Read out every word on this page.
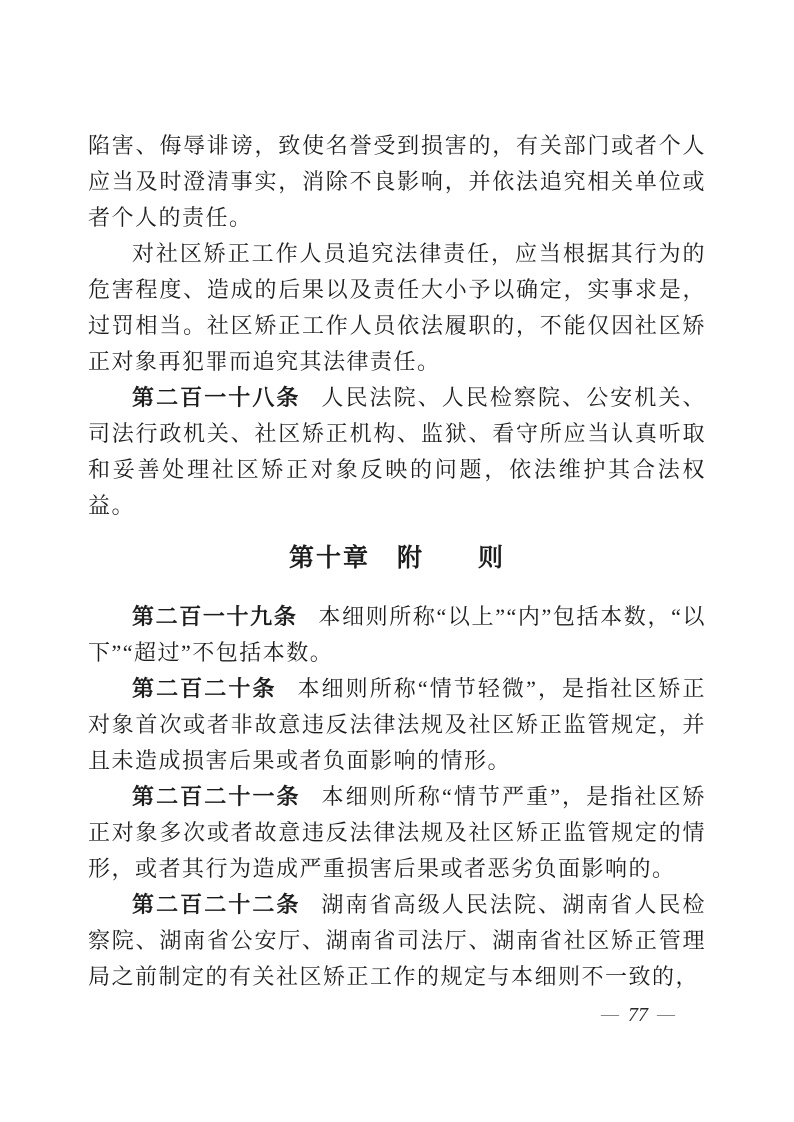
陷害、侮辱诽谤，致使名誉受到损害的，有关部门或者个人应当及时澄清事实，消除不良影响，并依法追究相关单位或者个人的责任。

对社区矫正工作人员追究法律责任，应当根据其行为的危害程度、造成的后果以及责任大小予以确定，实事求是，过罚相当。社区矫正工作人员依法履职的，不能仅因社区矫正对象再犯罪而追究其法律责任。

第二百一十八条 人民法院、人民检察院、公安机关、司法行政机关、社区矫正机构、监狱、看守所应当认真听取和妥善处理社区矫正对象反映的问题，依法维护其合法权益。

第十章　附　　则

第二百一十九条 本细则所称“以上”“内”包括本数，“以下”“超过”不包括本数。

第二百二十条 本细则所称“情节轻微”，是指社区矫正对象首次或者非故意违反法律法规及社区矫正监管规定，并且未造成损害后果或者负面影响的情形。

第二百二十一条 本细则所称“情节严重”，是指社区矫正对象多次或者故意违反法律法规及社区矫正监管规定的情形，或者其行为造成严重损害后果或者恶劣负面影响的。

第二百二十二条 湖南省高级人民法院、湖南省人民检察院、湖南省公安厅、湖南省司法厅、湖南省社区矫正管理局之前制定的有关社区矫正工作的规定与本细则不一致的，

— 77 —
